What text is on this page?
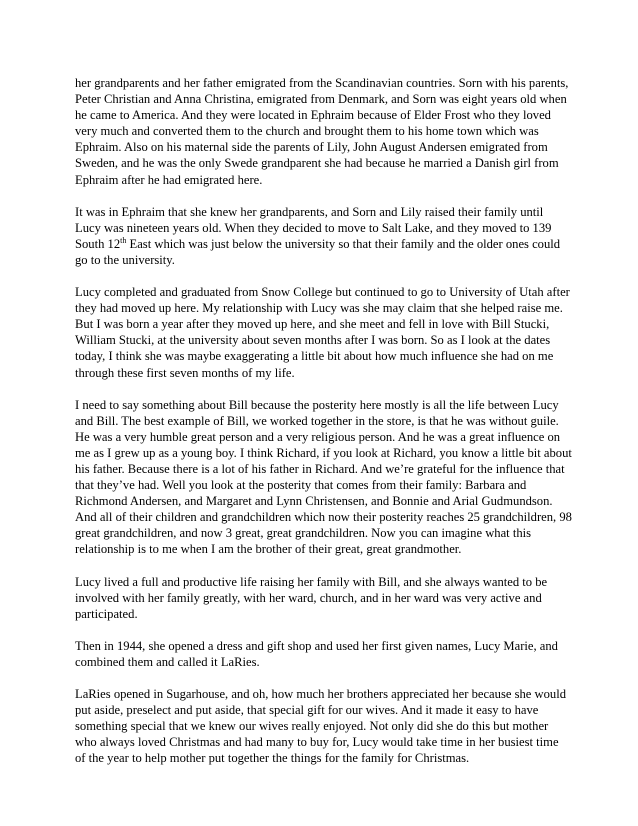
her grandparents and her father emigrated from the Scandinavian countries. Sorn with his parents, Peter Christian and Anna Christina, emigrated from Denmark, and Sorn was eight years old when he came to America. And they were located in Ephraim because of Elder Frost who they loved very much and converted them to the church and brought them to his home town which was Ephraim. Also on his maternal side the parents of Lily, John August Andersen emigrated from Sweden, and he was the only Swede grandparent she had because he married a Danish girl from Ephraim after he had emigrated here.

It was in Ephraim that she knew her grandparents, and Sorn and Lily raised their family until Lucy was nineteen years old. When they decided to move to Salt Lake, and they moved to 139 South 12th East which was just below the university so that their family and the older ones could go to the university.

Lucy completed and graduated from Snow College but continued to go to University of Utah after they had moved up here. My relationship with Lucy was she may claim that she helped raise me. But I was born a year after they moved up here, and she meet and fell in love with Bill Stucki, William Stucki, at the university about seven months after I was born. So as I look at the dates today, I think she was maybe exaggerating a little bit about how much influence she had on me through these first seven months of my life.

I need to say something about Bill because the posterity here mostly is all the life between Lucy and Bill. The best example of Bill, we worked together in the store, is that he was without guile. He was a very humble great person and a very religious person. And he was a great influence on me as I grew up as a young boy. I think Richard, if you look at Richard, you know a little bit about his father. Because there is a lot of his father in Richard. And we’re grateful for the influence that that they’ve had. Well you look at the posterity that comes from their family: Barbara and Richmond Andersen, and Margaret and Lynn Christensen, and Bonnie and Arial Gudmundson. And all of their children and grandchildren which now their posterity reaches 25 grandchildren, 98 great grandchildren, and now 3 great, great grandchildren. Now you can imagine what this relationship is to me when I am the brother of their great, great grandmother.

Lucy lived a full and productive life raising her family with Bill, and she always wanted to be involved with her family greatly, with her ward, church, and in her ward was very active and participated.

Then in 1944, she opened a dress and gift shop and used her first given names, Lucy Marie, and combined them and called it LaRies.

LaRies opened in Sugarhouse, and oh, how much her brothers appreciated her because she would put aside, preselect and put aside, that special gift for our wives. And it made it easy to have something special that we knew our wives really enjoyed. Not only did she do this but mother who always loved Christmas and had many to buy for, Lucy would take time in her busiest time of the year to help mother put together the things for the family for Christmas.
